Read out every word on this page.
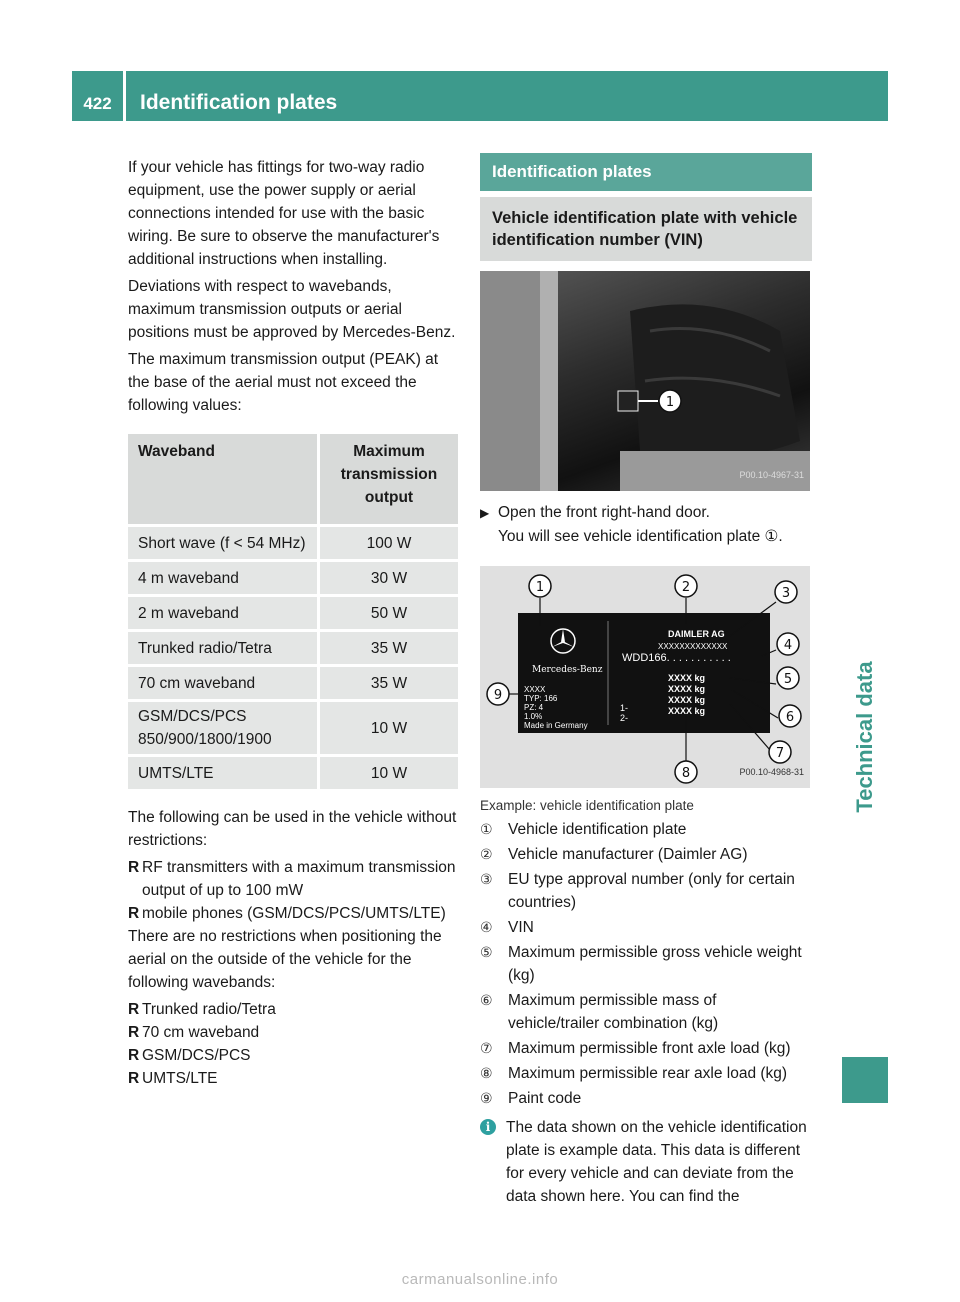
422	Identification plates
Technical data

If your vehicle has fittings for two-way radio equipment, use the power supply or aerial connections intended for use with the basic wiring. Be sure to observe the manufacturer's additional instructions when installing.

Deviations with respect to wavebands, maximum transmission outputs or aerial positions must be approved by Mercedes-Benz.

The maximum transmission output (PEAK) at the base of the aerial must not exceed the following values:

Waveband	Maximum transmission output
Short wave (f < 54 MHz)	100 W
4 m waveband	30 W
2 m waveband	50 W
Trunked radio/Tetra	35 W
70 cm waveband	35 W
GSM/DCS/PCS 850/900/1800/1900	10 W
UMTS/LTE	10 W

The following can be used in the vehicle without restrictions:

R RF transmitters with a maximum transmission output of up to 100 mW
R mobile phones (GSM/DCS/PCS/UMTS/LTE)

There are no restrictions when positioning the aerial on the outside of the vehicle for the following wavebands:

R Trunked radio/Tetra
R 70 cm waveband
R GSM/DCS/PCS
R UMTS/LTE
Identification plates
Vehicle identification plate with vehicle identification number (VIN)
1
P00.10-4967-31
▶ Open the front right-hand door.
You will see vehicle identification plate ①.
Mercedes-Benz
DAIMLER AG
XXXXXXXXXXXXX
WDD166. . . . . . . . . . .
XXXX
TYP: 166
PZ: 4
1.0%
Made in Germany
1-
2-
XXXX kg
XXXX kg
XXXX kg
XXXX kg
1	2	3
4
5
6
7
8
9
P00.10-4968-31
Example: vehicle identification plate
① Vehicle identification plate
② Vehicle manufacturer (Daimler AG)
③ EU type approval number (only for certain countries)
④ VIN
⑤ Maximum permissible gross vehicle weight (kg)
⑥ Maximum permissible mass of vehicle/trailer combination (kg)
⑦ Maximum permissible front axle load (kg)
⑧ Maximum permissible rear axle load (kg)
⑨ Paint code
i	The data shown on the vehicle identification plate is example data. This data is different for every vehicle and can deviate from the data shown here. You can find the
carmanualsonline.info
